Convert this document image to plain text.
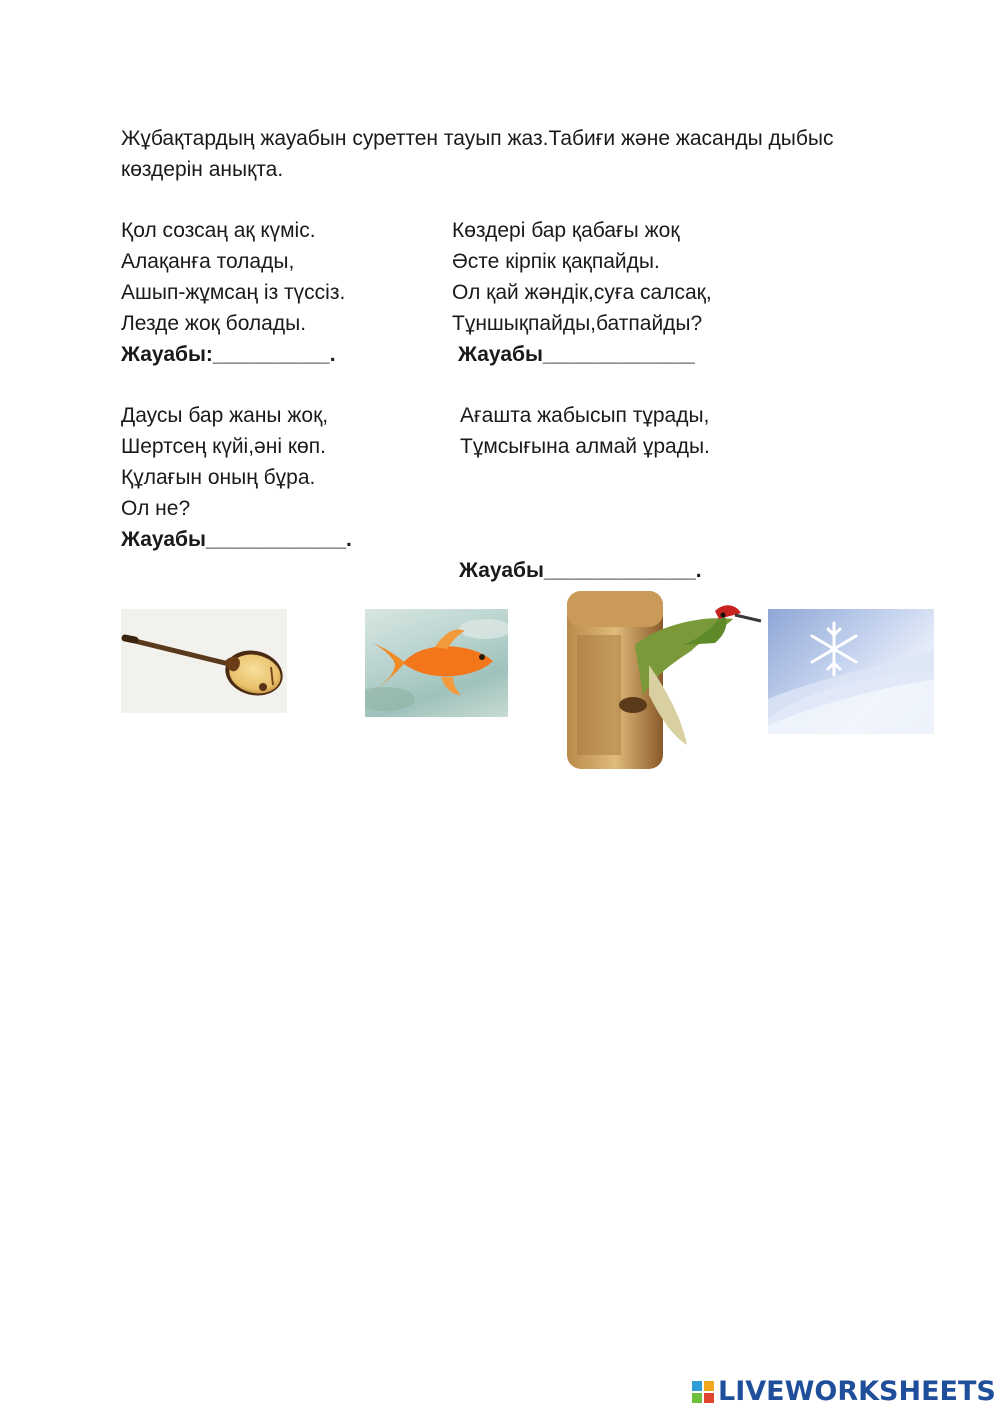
Жұбақтардың жауабын суреттен тауып жаз.Табиғи және жасанды дыбыс көздерін анықта.

Қол созсаң ақ күміс.
Алақанға толады,
Ашып-жұмсаң із түссіз.
Лезде жоқ болады.
Жауабы:__________.
Көздері бар қабағы жоқ
Әсте кірпік қақпайды.
Ол қай жәндік,суға салсақ,
Тұншықпайды,батпайды?
Жауабы_____________
Даусы бар жаны жоқ,
Шертсең күйі,әні көп.
Құлағын оның бұра.
Ол не?
Жауабы____________.
Ағашта жабысып тұрады,
Тұмсығына алмай ұрады.
Жауабы_____________.
LIVEWORKSHEETS
